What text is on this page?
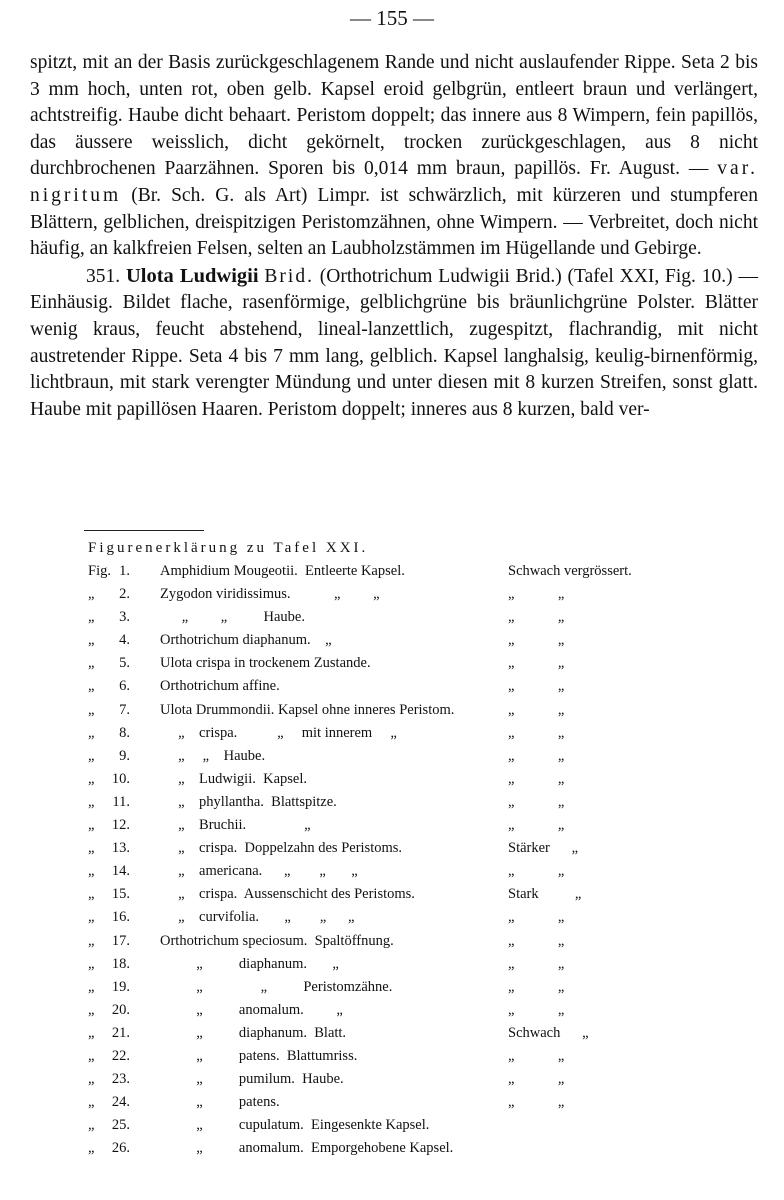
— 155 —

spitzt, mit an der Basis zurückgeschlagenem Rande und nicht auslaufender Rippe. Seta 2 bis 3 mm hoch, unten rot, oben gelb. Kapsel eroid gelbgrün, entleert braun und verlängert, achtstreifig. Haube dicht behaart. Peristom doppelt; das innere aus 8 Wimpern, fein papillös, das äussere weisslich, dicht gekörnelt, trocken zurückgeschlagen, aus 8 nicht durchbrochenen Paarzähnen. Sporen bis 0,014 mm braun, papillös. Fr. August. — var. nigritum (Br. Sch. G. als Art) Limpr. ist schwärzlich, mit kürzeren und stumpferen Blättern, gelblichen, dreispitzigen Peristomzähnen, ohne Wimpern. — Verbreitet, doch nicht häufig, an kalkfreien Felsen, selten an Laubholzstämmen im Hügellande und Gebirge.

351. Ulota Ludwigii Brid. (Orthotrichum Ludwigii Brid.) (Tafel XXI, Fig. 10.) — Einhäusig. Bildet flache, rasenförmige, gelblichgrüne bis bräunlichgrüne Polster. Blätter wenig kraus, feucht abstehend, lineal-lanzettlich, zugespitzt, flachrandig, mit nicht austretender Rippe. Seta 4 bis 7 mm lang, gelblich. Kapsel langhalsig, keulig-birnenförmig, lichtbraun, mit stark verengter Mündung und unter diesen mit 8 kurzen Streifen, sonst glatt. Haube mit papillösen Haaren. Peristom doppelt; inneres aus 8 kurzen, bald ver-

Figurenerklärung zu Tafel XXI.
Fig. 1. Amphidium Mougeotii.  Entleerte Kapsel.	Schwach vergrössert.
„	2. Zygodon viridissimus.            „         „	„            „
„	3. „         „          Haube.	„            „
„	4. Orthotrichum diaphanum.    „	„            „
„	5. Ulota crispa in trockenem Zustande.	„            „
„	6. Orthotrichum affine.	„            „
„	7. Ulota Drummondii. Kapsel ohne inneres Peristom.	„            „
„	8. „    crispa.           „     mit innerem     „	„            „
„	9. „     „    Haube.	„            „
„	10. „    Ludwigii.  Kapsel.	„            „
„	11. „    phyllantha.  Blattspitze.	„            „
„	12. „    Bruchii.                „	„            „
„	13. „    crispa.  Doppelzahn des Peristoms.	Stärker      „
„	14. „    americana.      „        „       „	„            „
„	15. „    crispa.  Aussenschicht des Peristoms.	Stark          „
„	16. „    curvifolia.       „        „      „	„            „
„	17. Orthotrichum speciosum.  Spaltöffnung.	„            „
„	18. „          diaphanum.       „	„            „
„	19. „                „          Peristomzähne.	„            „
„	20. „          anomalum.         „	„            „
„	21. „          diaphanum.  Blatt.	Schwach      „
„	22. „          patens.  Blattumriss.	„            „
„	23. „          pumilum.  Haube.	„            „
„	24. „          patens.	„            „
„	25. „          cupulatum.  Eingesenkte Kapsel.
„	26. „          anomalum.  Emporgehobene Kapsel.
